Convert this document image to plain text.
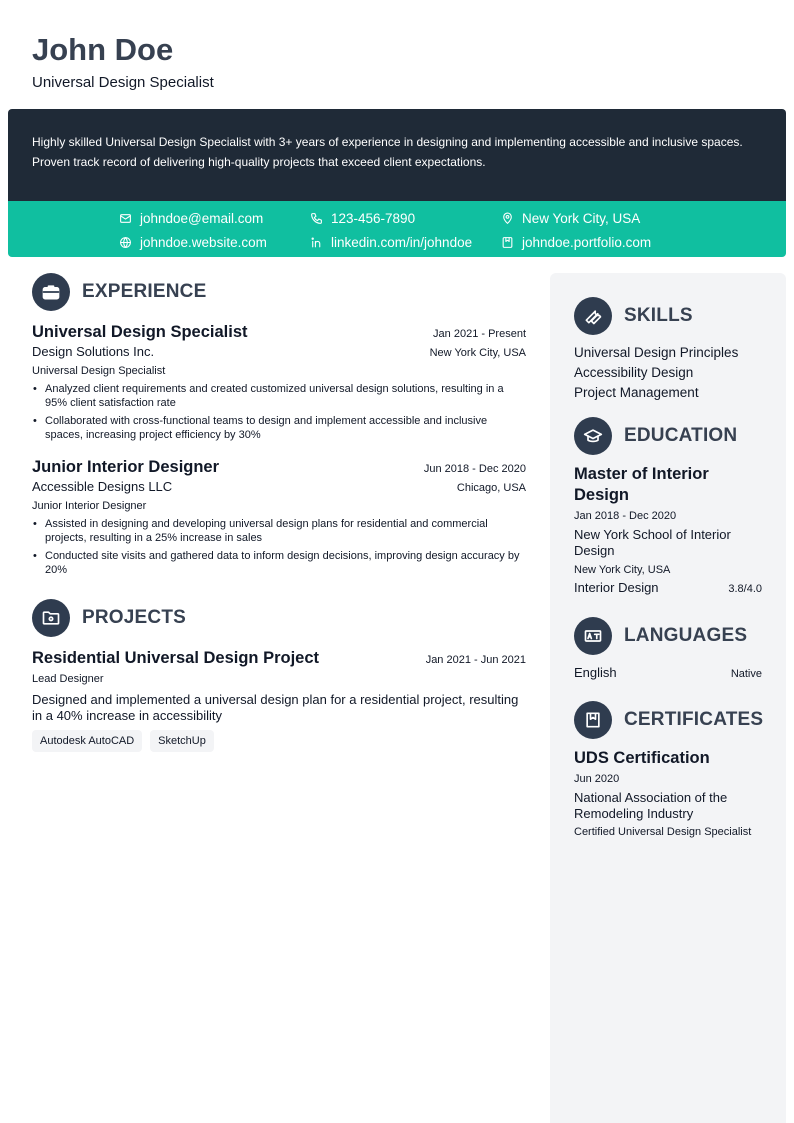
John Doe
Universal Design Specialist
Highly skilled Universal Design Specialist with 3+ years of experience in designing and implementing accessible and inclusive spaces. Proven track record of delivering high-quality projects that exceed client expectations.
johndoe@email.com	123-456-7890	New York City, USA
johndoe.website.com	linkedin.com/in/johndoe	johndoe.portfolio.com
EXPERIENCE
Universal Design Specialist	Jan 2021 - Present
Design Solutions Inc.	New York City, USA
Universal Design Specialist
• Analyzed client requirements and created customized universal design solutions, resulting in a 95% client satisfaction rate
• Collaborated with cross-functional teams to design and implement accessible and inclusive spaces, increasing project efficiency by 30%
Junior Interior Designer	Jun 2018 - Dec 2020
Accessible Designs LLC	Chicago, USA
Junior Interior Designer
• Assisted in designing and developing universal design plans for residential and commercial projects, resulting in a 25% increase in sales
• Conducted site visits and gathered data to inform design decisions, improving design accuracy by 20%
PROJECTS
Residential Universal Design Project	Jan 2021 - Jun 2021
Lead Designer
Designed and implemented a universal design plan for a residential project, resulting in a 40% increase in accessibility
Autodesk AutoCAD	SketchUp
SKILLS
Universal Design Principles
Accessibility Design
Project Management
EDUCATION
Master of Interior Design
Jan 2018 - Dec 2020
New York School of Interior Design
New York City, USA
Interior Design	3.8/4.0
LANGUAGES
English	Native
CERTIFICATES
UDS Certification
Jun 2020
National Association of the Remodeling Industry
Certified Universal Design Specialist
